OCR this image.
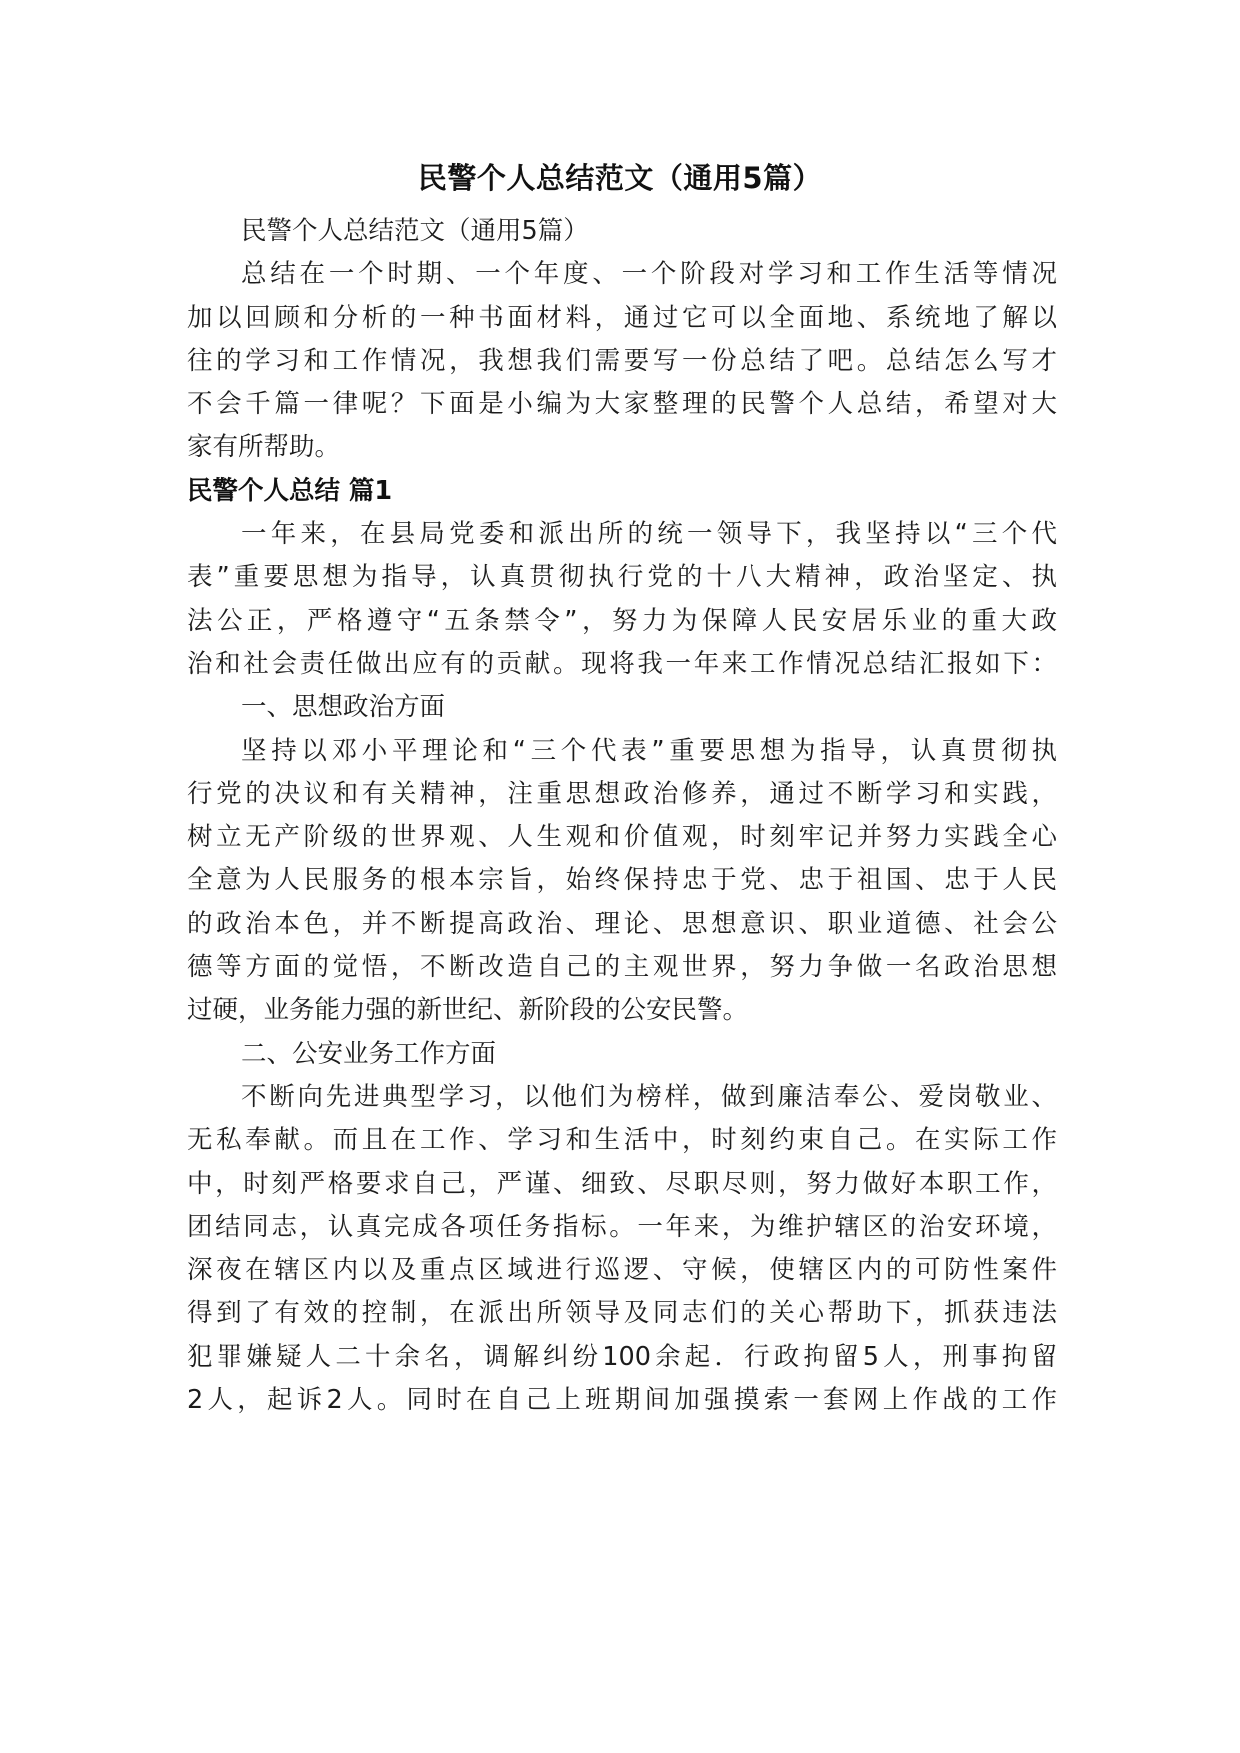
民警个人总结范文（通用5篇）
民警个人总结范文（通用5篇）
总结在一个时期、一个年度、一个阶段对学习和工作生活等情况
加以回顾和分析的一种书面材料，通过它可以全面地、系统地了解以
往的学习和工作情况，我想我们需要写一份总结了吧。总结怎么写才
不会千篇一律呢？下面是小编为大家整理的民警个人总结，希望对大
家有所帮助。
民警个人总结 篇1
一年来，在县局党委和派出所的统一领导下，我坚持以“三个代
表”重要思想为指导，认真贯彻执行党的十八大精神，政治坚定、执
法公正，严格遵守“五条禁令”，努力为保障人民安居乐业的重大政
治和社会责任做出应有的贡献。现将我一年来工作情况总结汇报如下：
一、思想政治方面
坚持以邓小平理论和“三个代表”重要思想为指导，认真贯彻执
行党的决议和有关精神，注重思想政治修养，通过不断学习和实践，
树立无产阶级的世界观、人生观和价值观，时刻牢记并努力实践全心
全意为人民服务的根本宗旨，始终保持忠于党、忠于祖国、忠于人民
的政治本色，并不断提高政治、理论、思想意识、职业道德、社会公
德等方面的觉悟，不断改造自己的主观世界，努力争做一名政治思想
过硬，业务能力强的新世纪、新阶段的公安民警。
二、公安业务工作方面
不断向先进典型学习，以他们为榜样，做到廉洁奉公、爱岗敬业、
无私奉献。而且在工作、学习和生活中，时刻约束自己。在实际工作
中，时刻严格要求自己，严谨、细致、尽职尽则，努力做好本职工作，
团结同志，认真完成各项任务指标。一年来，为维护辖区的治安环境，
深夜在辖区内以及重点区域进行巡逻、守候，使辖区内的可防性案件
得到了有效的控制，在派出所领导及同志们的关心帮助下，抓获违法
犯罪嫌疑人二十余名，调解纠纷100余起．行政拘留5人，刑事拘留
2人，起诉2人。同时在自己上班期间加强摸索一套网上作战的工作
